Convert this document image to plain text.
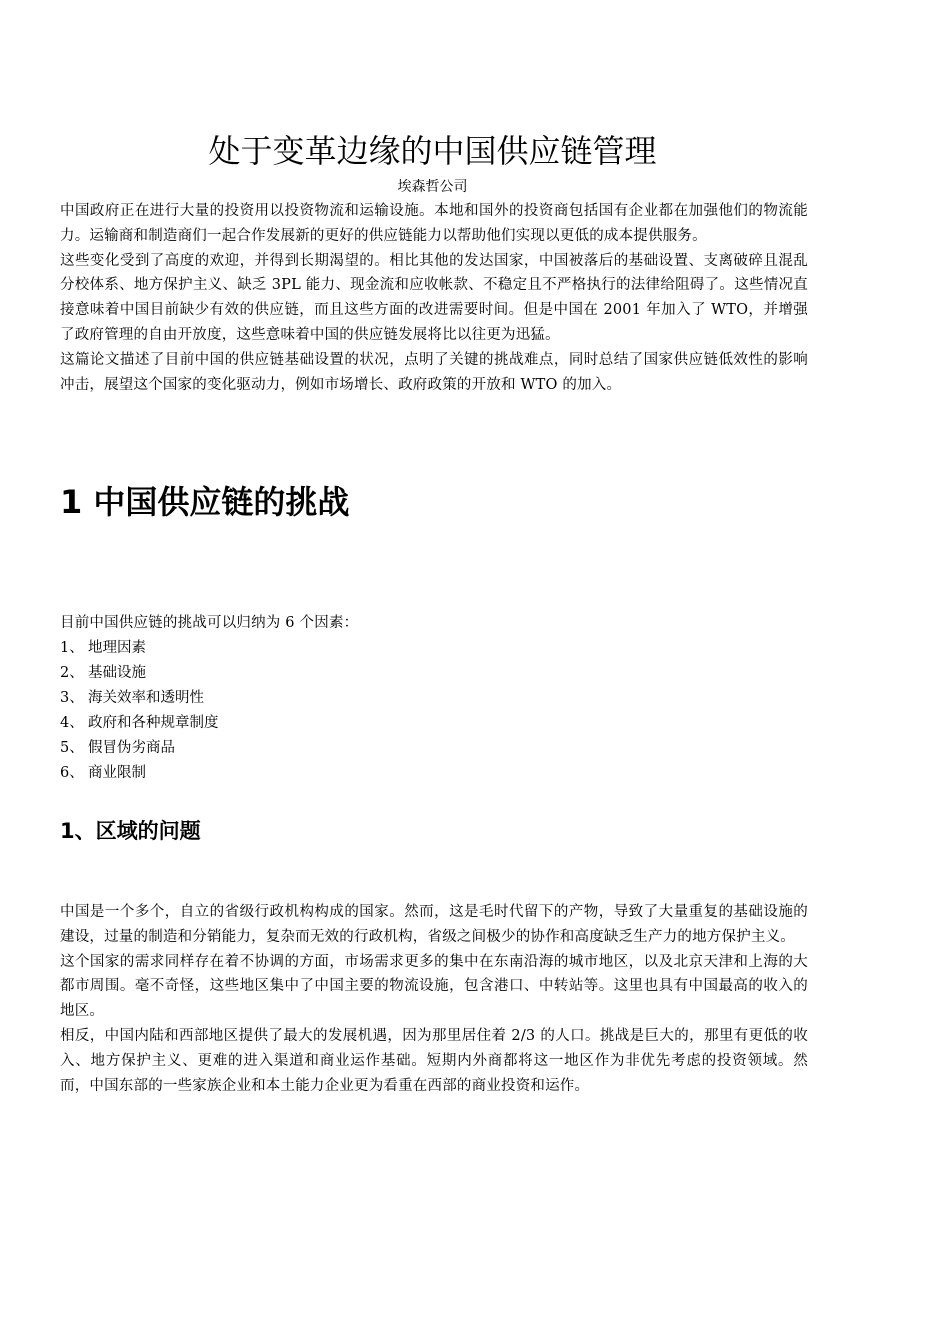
处于变革边缘的中国供应链管理
埃森哲公司

中国政府正在进行大量的投资用以投资物流和运输设施。本地和国外的投资商包括国有企业都在加强他们的物流能力。运输商和制造商们一起合作发展新的更好的供应链能力以帮助他们实现以更低的成本提供服务。

这些变化受到了高度的欢迎，并得到长期渴望的。相比其他的发达国家，中国被落后的基础设置、支离破碎且混乱分校体系、地方保护主义、缺乏 3PL 能力、现金流和应收帐款、不稳定且不严格执行的法律给阻碍了。这些情况直接意味着中国目前缺少有效的供应链，而且这些方面的改进需要时间。但是中国在 2001 年加入了 WTO，并增强了政府管理的自由开放度，这些意味着中国的供应链发展将比以往更为迅猛。

这篇论文描述了目前中国的供应链基础设置的状况，点明了关键的挑战难点，同时总结了国家供应链低效性的影响冲击，展望这个国家的变化驱动力，例如市场增长、政府政策的开放和 WTO 的加入。

1 中国供应链的挑战

目前中国供应链的挑战可以归纳为 6 个因素：

1、 地理因素
2、 基础设施
3、 海关效率和透明性
4、 政府和各种规章制度
5、 假冒伪劣商品
6、 商业限制
1、区域的问题

中国是一个多个，自立的省级行政机构构成的国家。然而，这是毛时代留下的产物，导致了大量重复的基础设施的建设，过量的制造和分销能力，复杂而无效的行政机构，省级之间极少的协作和高度缺乏生产力的地方保护主义。

这个国家的需求同样存在着不协调的方面，市场需求更多的集中在东南沿海的城市地区，以及北京天津和上海的大都市周围。毫不奇怪，这些地区集中了中国主要的物流设施，包含港口、中转站等。这里也具有中国最高的收入的地区。

相反，中国内陆和西部地区提供了最大的发展机遇，因为那里居住着 2/3 的人口。挑战是巨大的，那里有更低的收入、地方保护主义、更难的进入渠道和商业运作基础。短期内外商都将这一地区作为非优先考虑的投资领域。然而，中国东部的一些家族企业和本土能力企业更为看重在西部的商业投资和运作。
